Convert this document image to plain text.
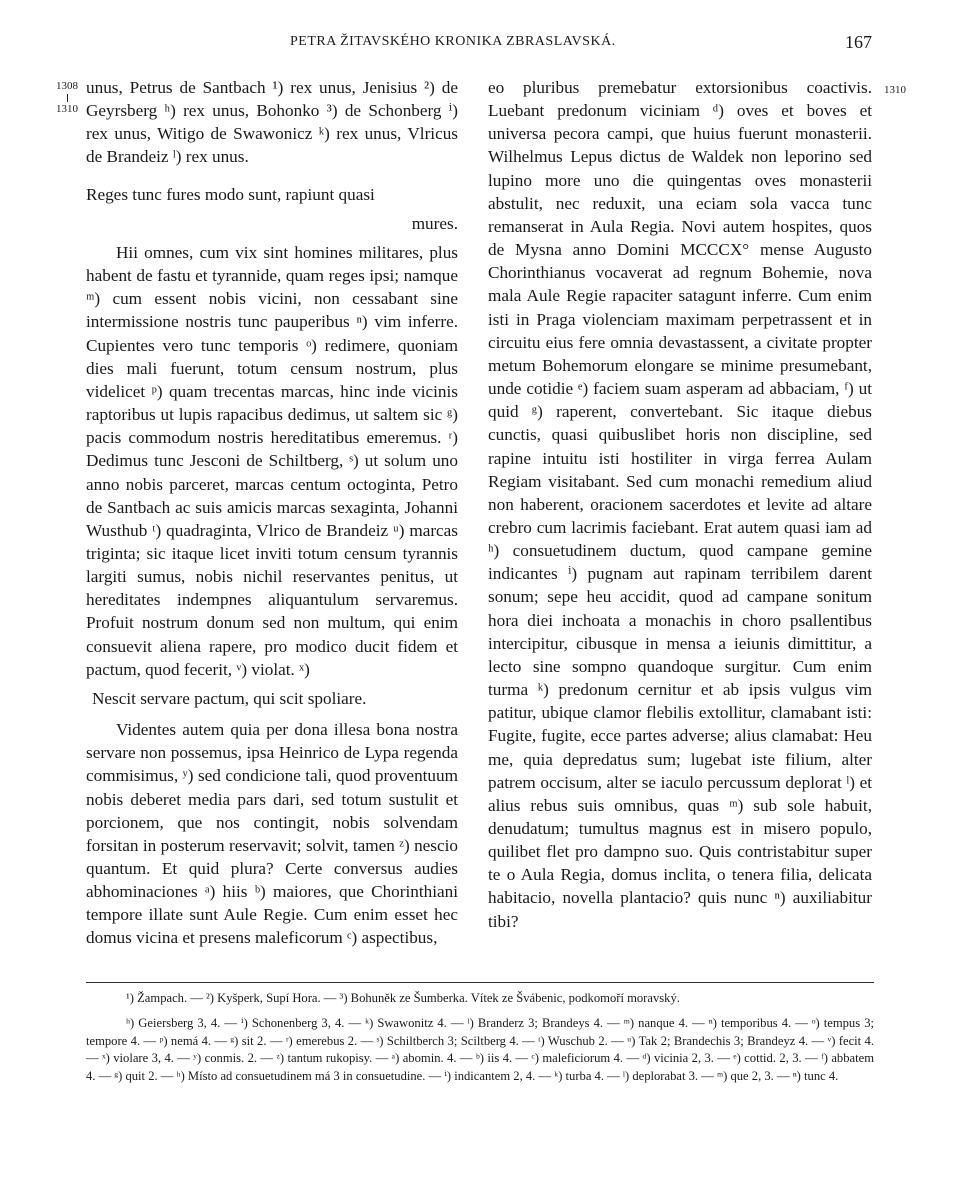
PETRA ŽITAVSKÉHO KRONIKA ZBRASLAVSKÁ.	167
1308
1310
1310

unus, Petrus de Santbach ¹) rex unus, Jenisius ²) de Geyrsberg ʰ) rex unus, Bohonko ³) de Schonberg ⁱ) rex unus, Witigo de Swawonicz ᵏ) rex unus, Vlricus de Brandeiz ˡ) rex unus.

Reges tunc fures modo sunt, rapiunt quasi

mures.

Hii omnes, cum vix sint homines militares, plus habent de fastu et tyrannide, quam reges ipsi; namque ᵐ) cum essent nobis vicini, non cessabant sine intermissione nostris tunc pauperibus ⁿ) vim inferre. Cupientes vero tunc temporis ᵒ) redimere, quoniam dies mali fuerunt, totum censum nostrum, plus videlicet ᵖ) quam trecentas marcas, hinc inde vicinis raptoribus ut lupis rapacibus dedimus, ut saltem sic ᵍ) pacis commodum nostris hereditatibus emeremus. ʳ) Dedimus tunc Jesconi de Schiltberg, ˢ) ut solum uno anno nobis parceret, marcas centum octoginta, Petro de Santbach ac suis amicis marcas sexaginta, Johanni Wusthub ᵗ) quadraginta, Vlrico de Brandeiz ᵘ) marcas triginta; sic itaque licet inviti totum censum tyrannis largiti sumus, nobis nichil reservantes penitus, ut hereditates indempnes aliquantulum servaremus. Profuit nostrum donum sed non multum, qui enim consuevit aliena rapere, pro modico ducit fidem et pactum, quod fecerit, ᵛ) violat. ˣ)

Nescit servare pactum, qui scit spoliare.

Videntes autem quia per dona illesa bona nostra servare non possemus, ipsa Heinrico de Lypa regenda commisimus, ʸ) sed condicione tali, quod proventuum nobis deberet media pars dari, sed totum sustulit et porcionem, que nos contingit, nobis solvendam forsitan in posterum reservavit; solvit, tamen ᶻ) nescio quantum. Et quid plura? Certe conversus audies abhominaciones ᵃ) hiis ᵇ) maiores, que Chorinthiani tempore illate sunt Aule Regie. Cum enim esset hec domus vicina et presens maleficorum ᶜ) aspectibus,

eo pluribus premebatur extorsionibus coactivis. Luebant predonum viciniam ᵈ) oves et boves et universa pecora campi, que huius fuerunt monasterii. Wilhelmus Lepus dictus de Waldek non leporino sed lupino more uno die quingentas oves monasterii abstulit, nec reduxit, una eciam sola vacca tunc remanserat in Aula Regia. Novi autem hospites, quos de Mysna anno Domini MCCCX° mense Augusto Chorinthianus vocaverat ad regnum Bohemie, nova mala Aule Regie rapaciter satagunt inferre. Cum enim isti in Praga violenciam maximam perpetrassent et in circuitu eius fere omnia devastassent, a civitate propter metum Bohemorum elongare se minime presumebant, unde cotidie ᵉ) faciem suam asperam ad abbaciam, ᶠ) ut quid ᵍ) raperent, convertebant. Sic itaque diebus cunctis, quasi quibuslibet horis non discipline, sed rapine intuitu isti hostiliter in virga ferrea Aulam Regiam visitabant. Sed cum monachi remedium aliud non haberent, oracionem sacerdotes et levite ad altare crebro cum lacrimis faciebant. Erat autem quasi iam ad ʰ) consuetudinem ductum, quod campane gemine indicantes ⁱ) pugnam aut rapinam terribilem darent sonum; sepe heu accidit, quod ad campane sonitum hora diei inchoata a monachis in choro psallentibus intercipitur, cibusque in mensa a ieiunis dimittitur, a lecto sine sompno quandoque surgitur. Cum enim turma ᵏ) predonum cernitur et ab ipsis vulgus vim patitur, ubique clamor flebilis extollitur, clamabant isti: Fugite, fugite, ecce partes adverse; alius clamabat: Heu me, quia depredatus sum; lugebat iste filium, alter patrem occisum, alter se iaculo percussum deplorat ˡ) et alius rebus suis omnibus, quas ᵐ) sub sole habuit, denudatum; tumultus magnus est in misero populo, quilibet flet pro dampno suo. Quis contristabitur super te o Aula Regia, domus inclita, o tenera filia, delicata habitacio, novella plantacio? quis nunc ⁿ) auxiliabitur tibi?

¹) Žampach. — ²) Kyšperk, Supí Hora. — ³) Bohuněk ze Šumberka. Vítek ze Švábenic, podkomoří moravský.

ʰ) Geiersberg 3, 4. — ⁱ) Schonenberg 3, 4. — ᵏ) Swawonitz 4. — ˡ) Branderz 3; Brandeys 4. — ᵐ) nanque 4. — ⁿ) temporibus 4. — ᵒ) tempus 3; tempore 4. — ᵖ) nemá 4. — ᵍ) sit 2. — ʳ) emerebus 2. — ˢ) Schiltberch 3; Sciltberg 4. — ᵗ) Wuschub 2. — ᵘ) Tak 2; Brandechis 3; Brandeyz 4. — ᵛ) fecit 4. — ˣ) violare 3, 4. — ʸ) conmis. 2. — ᶻ) tantum rukopisy. — ᵃ) abomin. 4. — ᵇ) iis 4. — ᶜ) maleficiorum 4. — ᵈ) vicinia 2, 3. — ᵉ) cottid. 2, 3. — ᶠ) abbatem 4. — ᵍ) quit 2. — ʰ) Místo ad consuetudinem má 3 in consuetudine. — ⁱ) indicantem 2, 4. — ᵏ) turba 4. — ˡ) deplorabat 3. — ᵐ) que 2, 3. — ⁿ) tunc 4.
